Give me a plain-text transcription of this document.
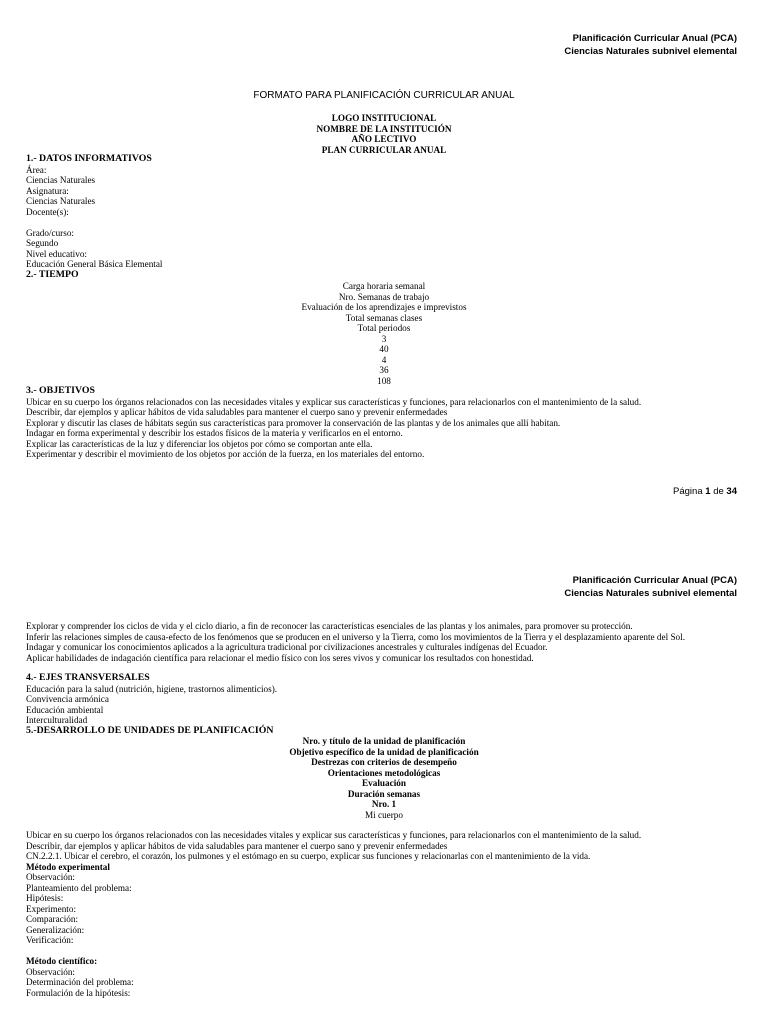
Planificación Curricular Anual (PCA)
Ciencias Naturales subnivel elemental
FORMATO PARA PLANIFICACIÓN CURRICULAR ANUAL
LOGO INSTITUCIONAL
NOMBRE DE LA INSTITUCIÓN
AÑO LECTIVO
PLAN CURRICULAR ANUAL
1.- DATOS INFORMATIVOS
Área:
Ciencias Naturales
Asignatura:
Ciencias Naturales
Docente(s):
Grado/curso:
Segundo
Nivel educativo:
Educación General Básica Elemental
2.- TIEMPO
Carga horaria semanal
Nro. Semanas de trabajo
Evaluación de los aprendizajes e imprevistos
Total semanas clases
Total periodos
3
40
4
36
108
3.- OBJETIVOS
Ubicar en su cuerpo los órganos relacionados con las necesidades vitales y explicar sus características y funciones, para relacionarlos con el mantenimiento de la salud.
Describir, dar ejemplos y aplicar hábitos de vida saludables para mantener el cuerpo sano y prevenir enfermedades
Explorar y discutir las clases de hábitats según sus características para promover la conservación de las plantas y de los animales que allí habitan.
Indagar en forma experimental y describir los estados físicos de la materia y verificarlos en el entorno.
Explicar las características de la luz y diferenciar los objetos por cómo se comportan ante ella.
Experimentar y describir el movimiento de los objetos por acción de la fuerza, en los materiales del entorno.
Página 1 de 34
Planificación Curricular Anual (PCA)
Ciencias Naturales subnivel elemental
Explorar y comprender los ciclos de vida y el ciclo diario, a fin de reconocer las características esenciales de las plantas y los animales, para promover su protección.
Inferir las relaciones simples de causa-efecto de los fenómenos que se producen en el universo y la Tierra, como los movimientos de la Tierra y el desplazamiento aparente del Sol.
Indagar y comunicar los conocimientos aplicados a la agricultura tradicional por civilizaciones ancestrales y culturales indígenas del Ecuador.
Aplicar habilidades de indagación científica para relacionar el medio físico con los seres vivos y comunicar los resultados con honestidad.
4.- EJES TRANSVERSALES
Educación para la salud (nutrición, higiene, trastornos alimenticios).
Convivencia armónica
Educación ambiental
Interculturalidad
5.-DESARROLLO DE UNIDADES DE PLANIFICACIÓN
Nro. y título de la unidad de planificación
Objetivo específico de la unidad de planificación
Destrezas con criterios de desempeño
Orientaciones metodológicas
Evaluación
Duración semanas
Nro. 1
Mi cuerpo
Ubicar en su cuerpo los órganos relacionados con las necesidades vitales y explicar sus características y funciones, para relacionarlos con el mantenimiento de la salud.
Describir, dar ejemplos y aplicar hábitos de vida saludables para mantener el cuerpo sano y prevenir enfermedades
CN.2.2.1. Ubicar el cerebro, el corazón, los pulmones y el estómago en su cuerpo, explicar sus funciones y relacionarlas con el mantenimiento de la vida.
Método experimental
Observación:
Planteamiento del problema:
Hipótesis:
Experimento:
Comparación:
Generalización:
Verificación:
Método científico:
Observación:
Determinación del problema:
Formulación de la hipótesis:
